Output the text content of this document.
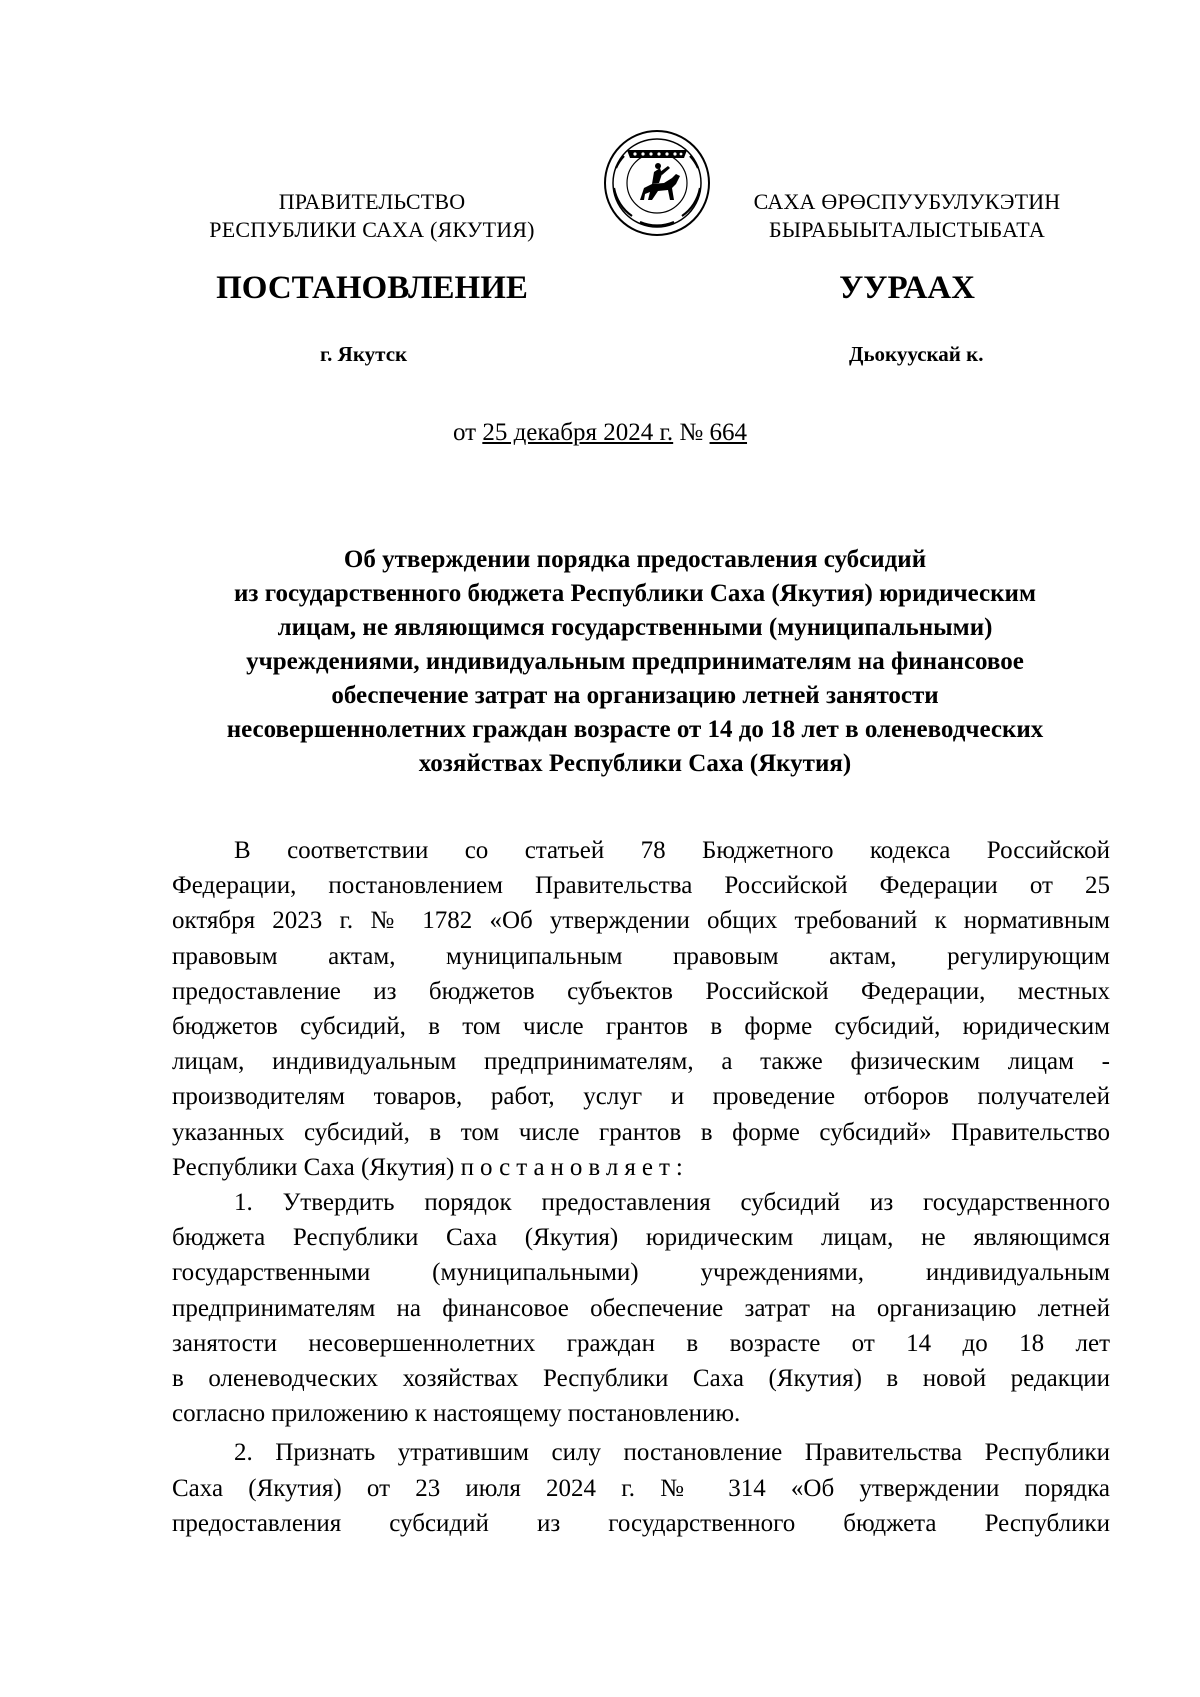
ПРАВИТЕЛЬСТВО
РЕСПУБЛИКИ САХА (ЯКУТИЯ)
САХА ӨРӨСПУУБУЛУКЭТИН
БЫРАБЫЫТАЛЫСТЫБАТА
ПОСТАНОВЛЕНИЕ	УУРААХ
г. Якутск	Дьокуускай к.
от 25 декабря 2024 г. № 664
Об утверждении порядка предоставления субсидий
из государственного бюджета Республики Саха (Якутия) юридическим
лицам, не являющимся государственными (муниципальными)
учреждениями, индивидуальным предпринимателям на финансовое
обеспечение затрат на организацию летней занятости
несовершеннолетних граждан возрасте от 14 до 18 лет в оленеводческих
хозяйствах Республики Саха (Якутия)

В соответствии со статьей 78 Бюджетного кодекса Российской
Федерации, постановлением Правительства Российской Федерации от 25
октября 2023 г. № 1782 «Об утверждении общих требований к нормативным
правовым актам, муниципальным правовым актам, регулирующим
предоставление из бюджетов субъектов Российской Федерации, местных
бюджетов субсидий, в том числе грантов в форме субсидий, юридическим
лицам, индивидуальным предпринимателям, а также физическим лицам -
производителям товаров, работ, услуг и проведение отборов получателей
указанных субсидий, в том числе грантов в форме субсидий» Правительство
Республики Саха (Якутия) постановляет:

1. Утвердить порядок предоставления субсидий из государственного
бюджета Республики Саха (Якутия) юридическим лицам, не являющимся
государственными (муниципальными) учреждениями, индивидуальным
предпринимателям на финансовое обеспечение затрат на организацию летней
занятости несовершеннолетних граждан в возрасте от 14 до 18 лет
в оленеводческих хозяйствах Республики Саха (Якутия) в новой редакции
согласно приложению к настоящему постановлению.

2. Признать утратившим силу постановление Правительства Республики
Саха (Якутия) от 23 июля 2024 г. № 314 «Об утверждении порядка
предоставления субсидий из государственного бюджета Республики
